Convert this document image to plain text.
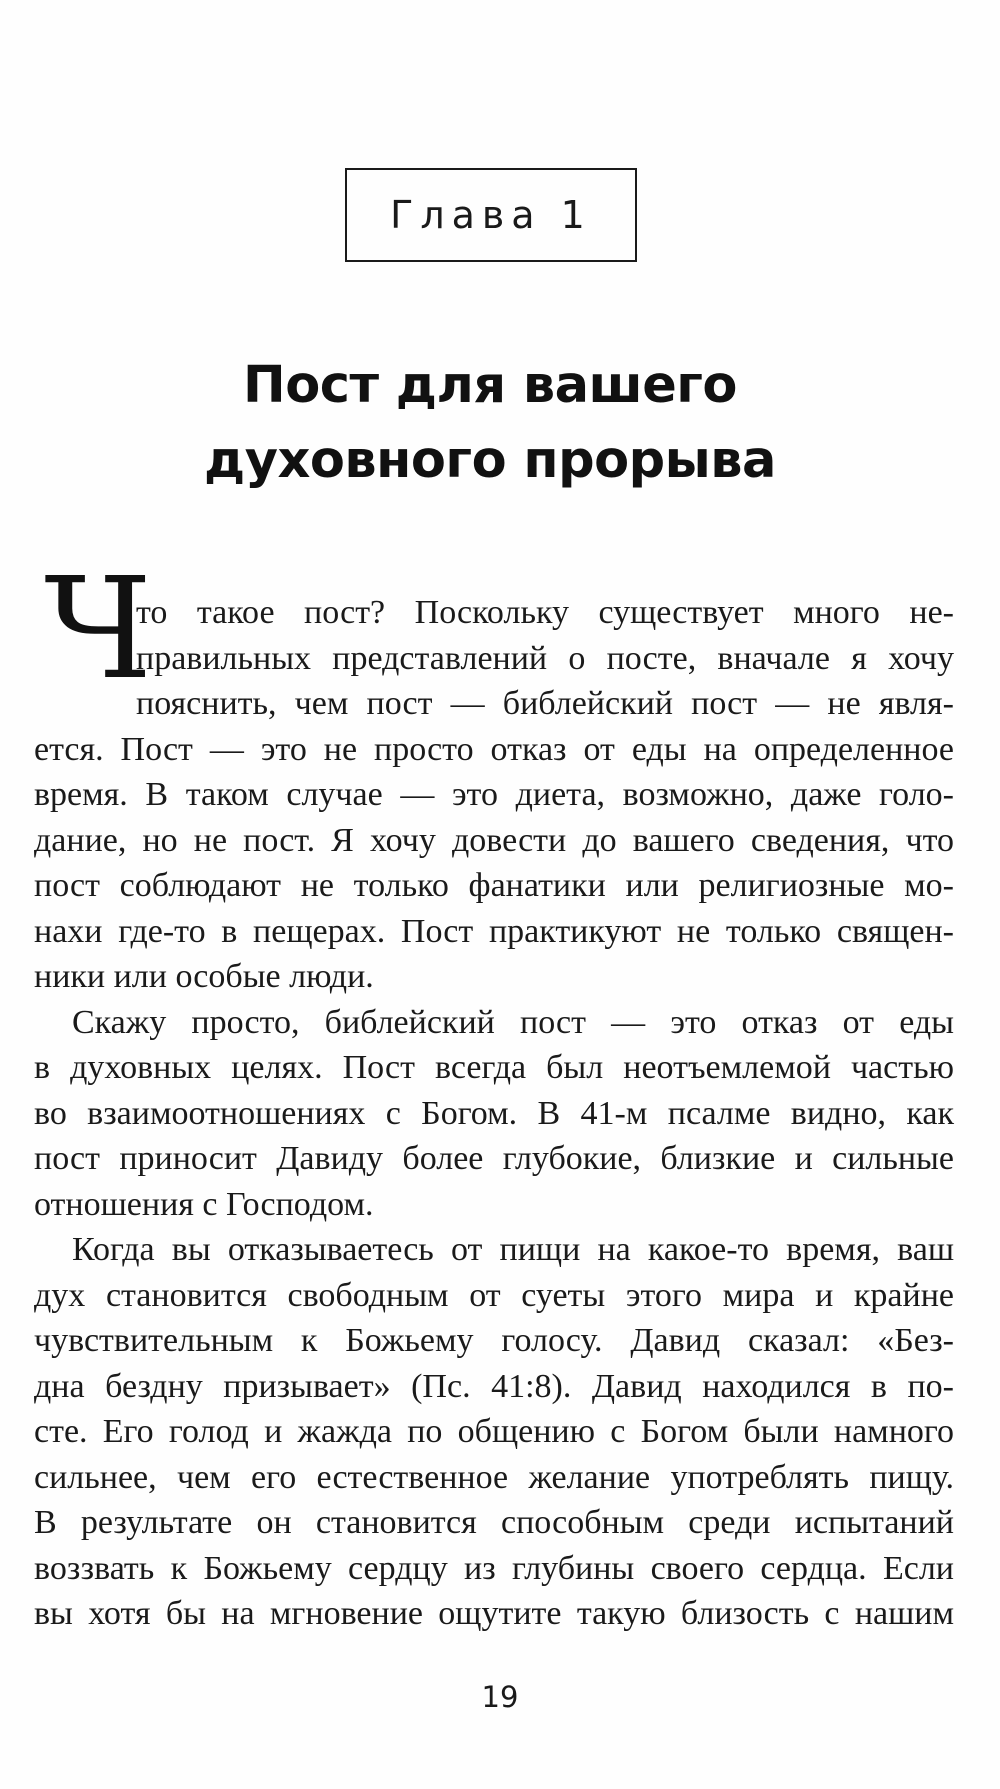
Глава 1
Пост для вашего
духовного прорыва
Ч
то такое пост? Поскольку существует много не-
правильных представлений о посте, вначале я хочу
пояснить, чем пост — библейский пост — не явля-
ется. Пост — это не просто отказ от еды на определенное
время. В таком случае — это диета, возможно, даже голо-
дание, но не пост. Я хочу довести до вашего сведения, что
пост соблюдают не только фанатики или религиозные мо-
нахи где-то в пещерах. Пост практикуют не только священ-
ники или особые люди.
Скажу просто, библейский пост — это отказ от еды
в духовных целях. Пост всегда был неотъемлемой частью
во взаимоотношениях с Богом. В 41-м псалме видно, как
пост приносит Давиду более глубокие, близкие и сильные
отношения с Господом.
Когда вы отказываетесь от пищи на какое-то время, ваш
дух становится свободным от суеты этого мира и крайне
чувствительным к Божьему голосу. Давид сказал: «Без-
дна бездну призывает» (Пс. 41:8). Давид находился в по-
сте. Его голод и жажда по общению с Богом были намного
сильнее, чем его естественное желание употреблять пищу.
В результате он становится способным среди испытаний
воззвать к Божьему сердцу из глубины своего сердца. Если
вы хотя бы на мгновение ощутите такую близость с нашим
19
